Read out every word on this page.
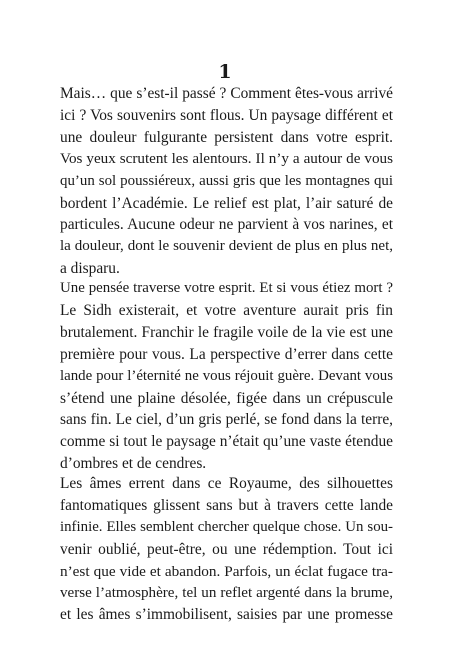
1
Mais… que s’est-il passé ? Comment êtes-vous arrivé
ici ? Vos souvenirs sont flous. Un paysage différent et
une douleur fulgurante persistent dans votre esprit.
Vos yeux scrutent les alentours. Il n’y a autour de vous
qu’un sol poussiéreux, aussi gris que les montagnes qui
bordent l’Académie. Le relief est plat, l’air saturé de
particules. Aucune odeur ne parvient à vos narines, et
la douleur, dont le souvenir devient de plus en plus net,
a disparu.
Une pensée traverse votre esprit. Et si vous étiez mort ?
Le Sidh existerait, et votre aventure aurait pris fin
brutalement. Franchir le fragile voile de la vie est une
première pour vous. La perspective d’errer dans cette
lande pour l’éternité ne vous réjouit guère. Devant vous
s’étend une plaine désolée, figée dans un crépuscule
sans fin. Le ciel, d’un gris perlé, se fond dans la terre,
comme si tout le paysage n’était qu’une vaste étendue
d’ombres et de cendres.
Les âmes errent dans ce Royaume, des silhouettes
fantomatiques glissent sans but à travers cette lande
infinie. Elles semblent chercher quelque chose. Un sou-
venir oublié, peut-être, ou une rédemption. Tout ici
n’est que vide et abandon. Parfois, un éclat fugace tra-
verse l’atmosphère, tel un reflet argenté dans la brume,
et les âmes s’immobilisent, saisies par une promesse
